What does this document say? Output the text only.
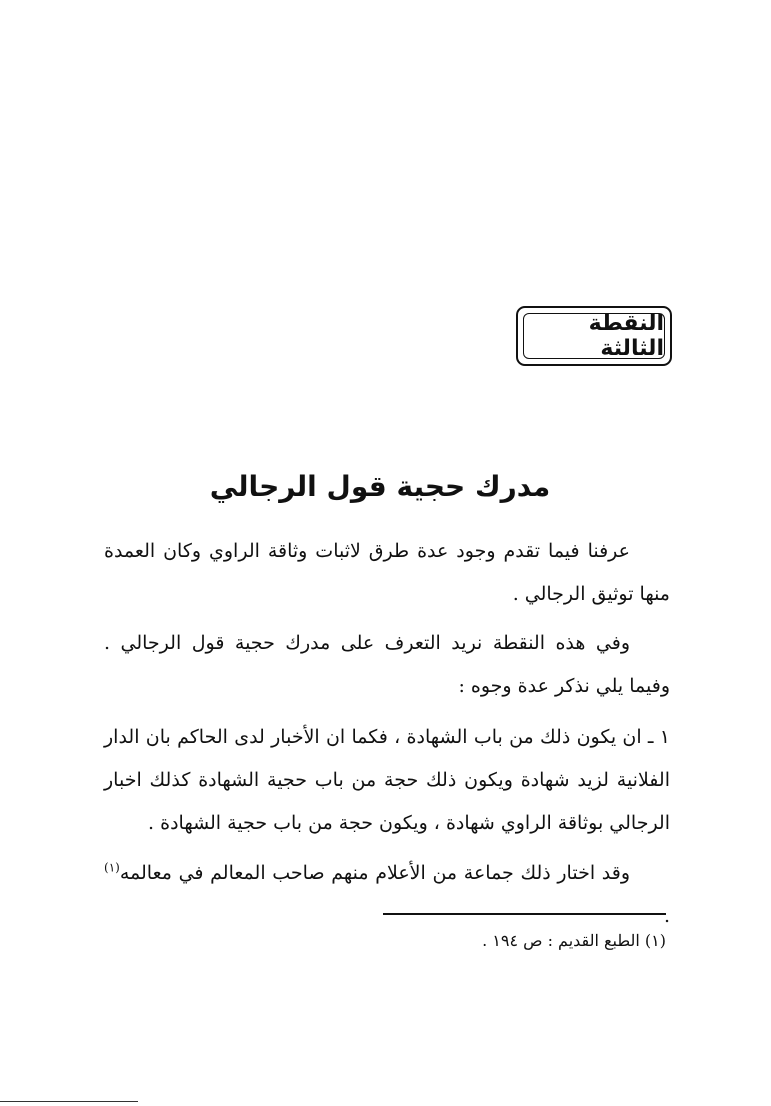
النقطة الثالثة
مدرك حجية قول الرجالي

عرفنا فيما تقدم وجود عدة طرق لاثبات وثاقة الراوي وكان العمدة منها توثيق الرجالي .

وفي هذه النقطة نريد التعرف على مدرك حجية قول الرجالي . وفيما يلي نذكر عدة وجوه :

١ ـ ان يكون ذلك من باب الشهادة ، فكما ان الأخبار لدى الحاكم بان الدار الفلانية لزيد شهادة ويكون ذلك حجة من باب حجية الشهادة كذلك اخبار الرجالي بوثاقة الراوي شهادة ، ويكون حجة من باب حجية الشهادة .

وقد اختار ذلك جماعة من الأعلام منهم صاحب المعالم في معالمه$^{(١)}$ .

(١) الطبع القديم : ص ١٩٤ .
